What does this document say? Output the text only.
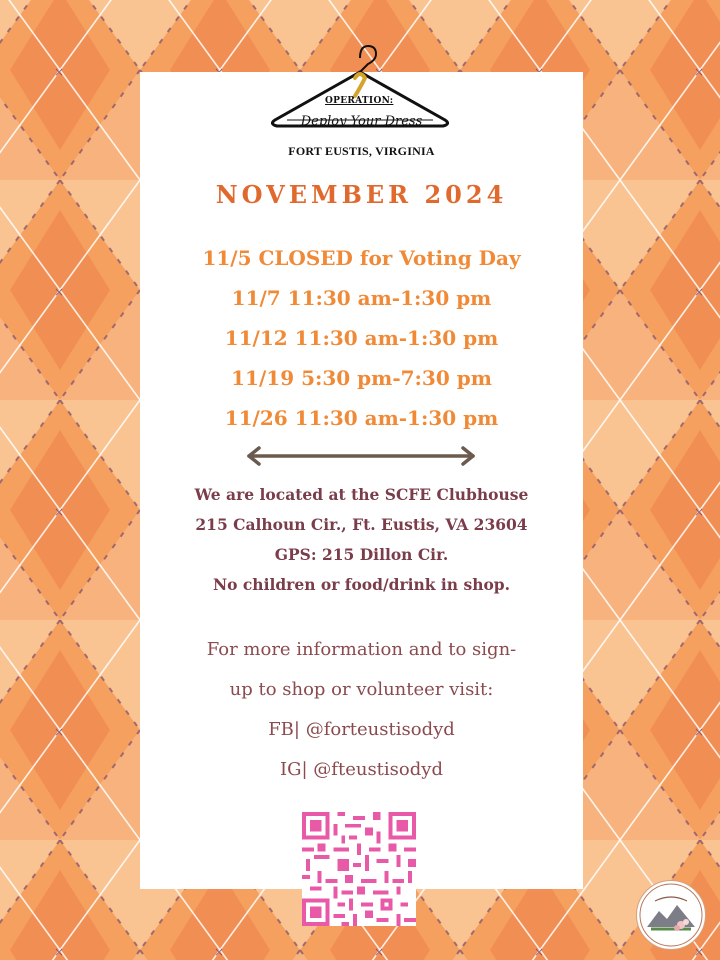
OPERATION:
Deploy Your Dress
FORT EUSTIS, VIRGINIA
NOVEMBER 2024
11/5 CLOSED for Voting Day
11/7 11:30 am-1:30 pm
11/12 11:30 am-1:30 pm
11/19 5:30 pm-7:30 pm
11/26 11:30 am-1:30 pm
We are located at the SCFE Clubhouse
215 Calhoun Cir., Ft. Eustis, VA 23604
GPS: 215 Dillon Cir.
No children or food/drink in shop.
For more information and to sign-
up to shop or volunteer visit:
FB| @forteustisodyd
IG| @fteustisodyd
